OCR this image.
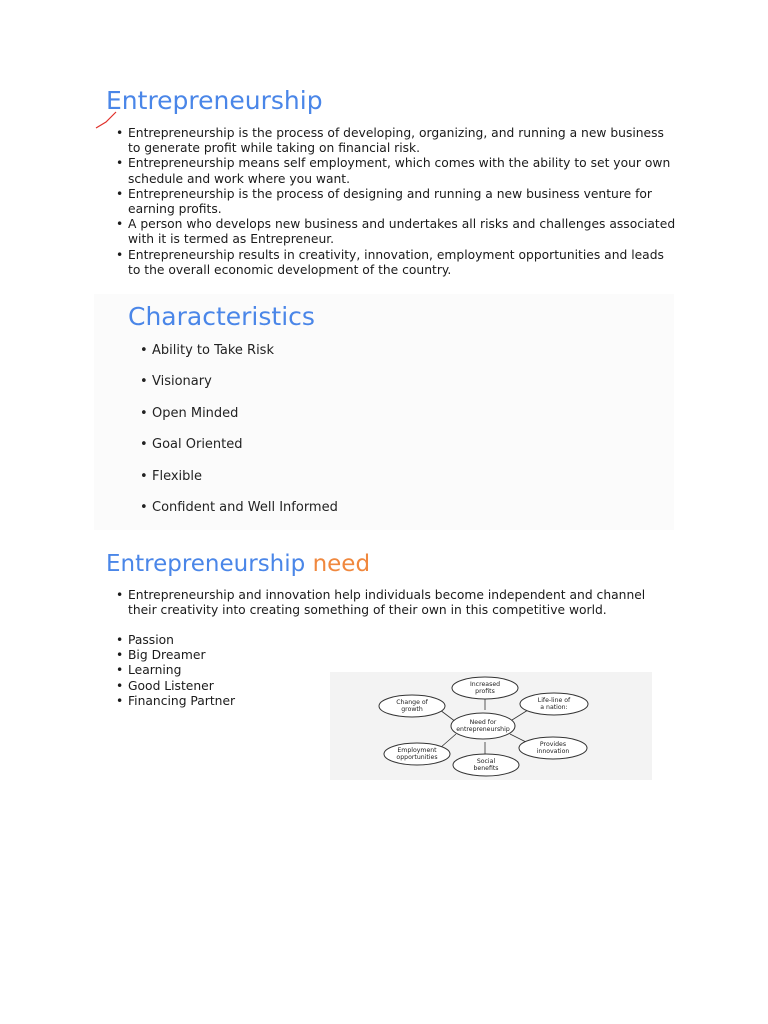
Entrepreneurship
• Entrepreneurship is the process of developing, organizing, and running a new business to generate profit while taking on financial risk.
• Entrepreneurship means self employment, which comes with the ability to set your own schedule and work where you want.
• Entrepreneurship is the process of designing and running a new business venture for earning profits.
• A person who develops new business and undertakes all risks and challenges associated with it is termed as Entrepreneur.
• Entrepreneurship results in creativity, innovation, employment opportunities and leads to the overall economic development of the country.
Characteristics
• Ability to Take Risk
• Visionary
• Open Minded
• Goal Oriented
• Flexible
• Confident and Well Informed
Entrepreneurship need
• Entrepreneurship and innovation help individuals become independent and channel their creativity into creating something of their own in this competitive world.
• Passion
• Big Dreamer
• Learning
• Good Listener
• Financing Partner
Increased
profits
Life-line of
a nation:
Provides
innovation
Social
benefits
Employment
opportunities
Change of
growth
Need for
entrepreneurship
